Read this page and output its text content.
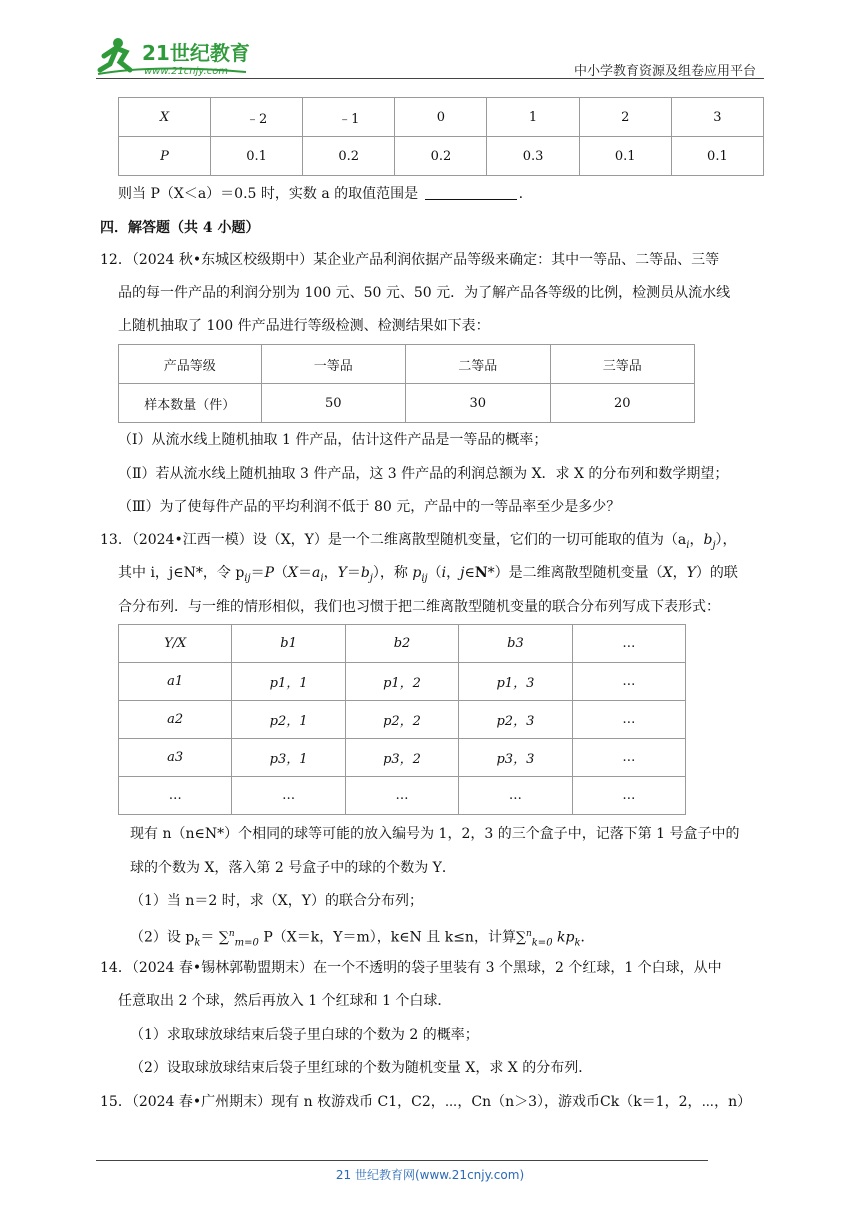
21世纪教育
www.21cnjy.com	中小学教育资源及组卷应用平台
X	﹣2	﹣1	0	1	2	3
P	0.1	0.2	0.2	0.3	0.1	0.1
则当 P（X＜a）＝0.5 时，实数 a 的取值范围是	.
四．解答题（共 4 小题）
12．（2024 秋•东城区校级期中）某企业产品利润依据产品等级来确定：其中一等品、二等品、三等
品的每一件产品的利润分别为 100 元、50 元、50 元．为了解产品各等级的比例，检测员从流水线
上随机抽取了 100 件产品进行等级检测、检测结果如下表：
产品等级	一等品	二等品	三等品
样本数量（件）	50	30	20
（Ⅰ）从流水线上随机抽取 1 件产品，估计这件产品是一等品的概率；
（Ⅱ）若从流水线上随机抽取 3 件产品，这 3 件产品的利润总额为 X．求 X 的分布列和数学期望；
（Ⅲ）为了使每件产品的平均利润不低于 80 元，产品中的一等品率至少是多少？
13．（2024•江西一模）设（X，Y）是一个二维离散型随机变量，它们的一切可能取的值为（$a_i$，$b_j$），
其中 i，j∈N*，令 $p_{ij}=P(X=a_i$，$Y=b_j$），称 $p_{ij}(i$，j∈N*）是二维离散型随机变量（X，Y）的联
合分布列．与一维的情形相似，我们也习惯于把二维离散型随机变量的联合分布列写成下表形式：
Y/X	b1	b2	b3	…
a1	p1，1	p1，2	p1，3	…
a2	p2，1	p2，2	p2，3	…
a3	p3，1	p3，2	p3，3	…
…	…	…	…	…
现有 n（n∈N*）个相同的球等可能的放入编号为 1，2，3 的三个盒子中，记落下第 1 号盒子中的
球的个数为 X，落入第 2 号盒子中的球的个数为 Y．
（1）当 n＝2 时，求（X，Y）的联合分布列；
（2）设 $p_k= \sum^n_{m=0}$ P（X＝k，Y＝m），k∈N 且 k≤n，计算∑$^n_{k=0}$ $kp_k$．
14．（2024 春•锡林郭勒盟期末）在一个不透明的袋子里装有 3 个黑球，2 个红球，1 个白球，从中
任意取出 2 个球，然后再放入 1 个红球和 1 个白球．
（1）求取球放球结束后袋子里白球的个数为 2 的概率；
（2）设取球放球结束后袋子里红球的个数为随机变量 X，求 X 的分布列．
15．（2024 春•广州期末）现有 n 枚游戏币 C1，C2，⋯，Cn（n＞3），游戏币Ck（k＝1，2，⋯，n）
21 世纪教育网(www.21cnjy.com)
